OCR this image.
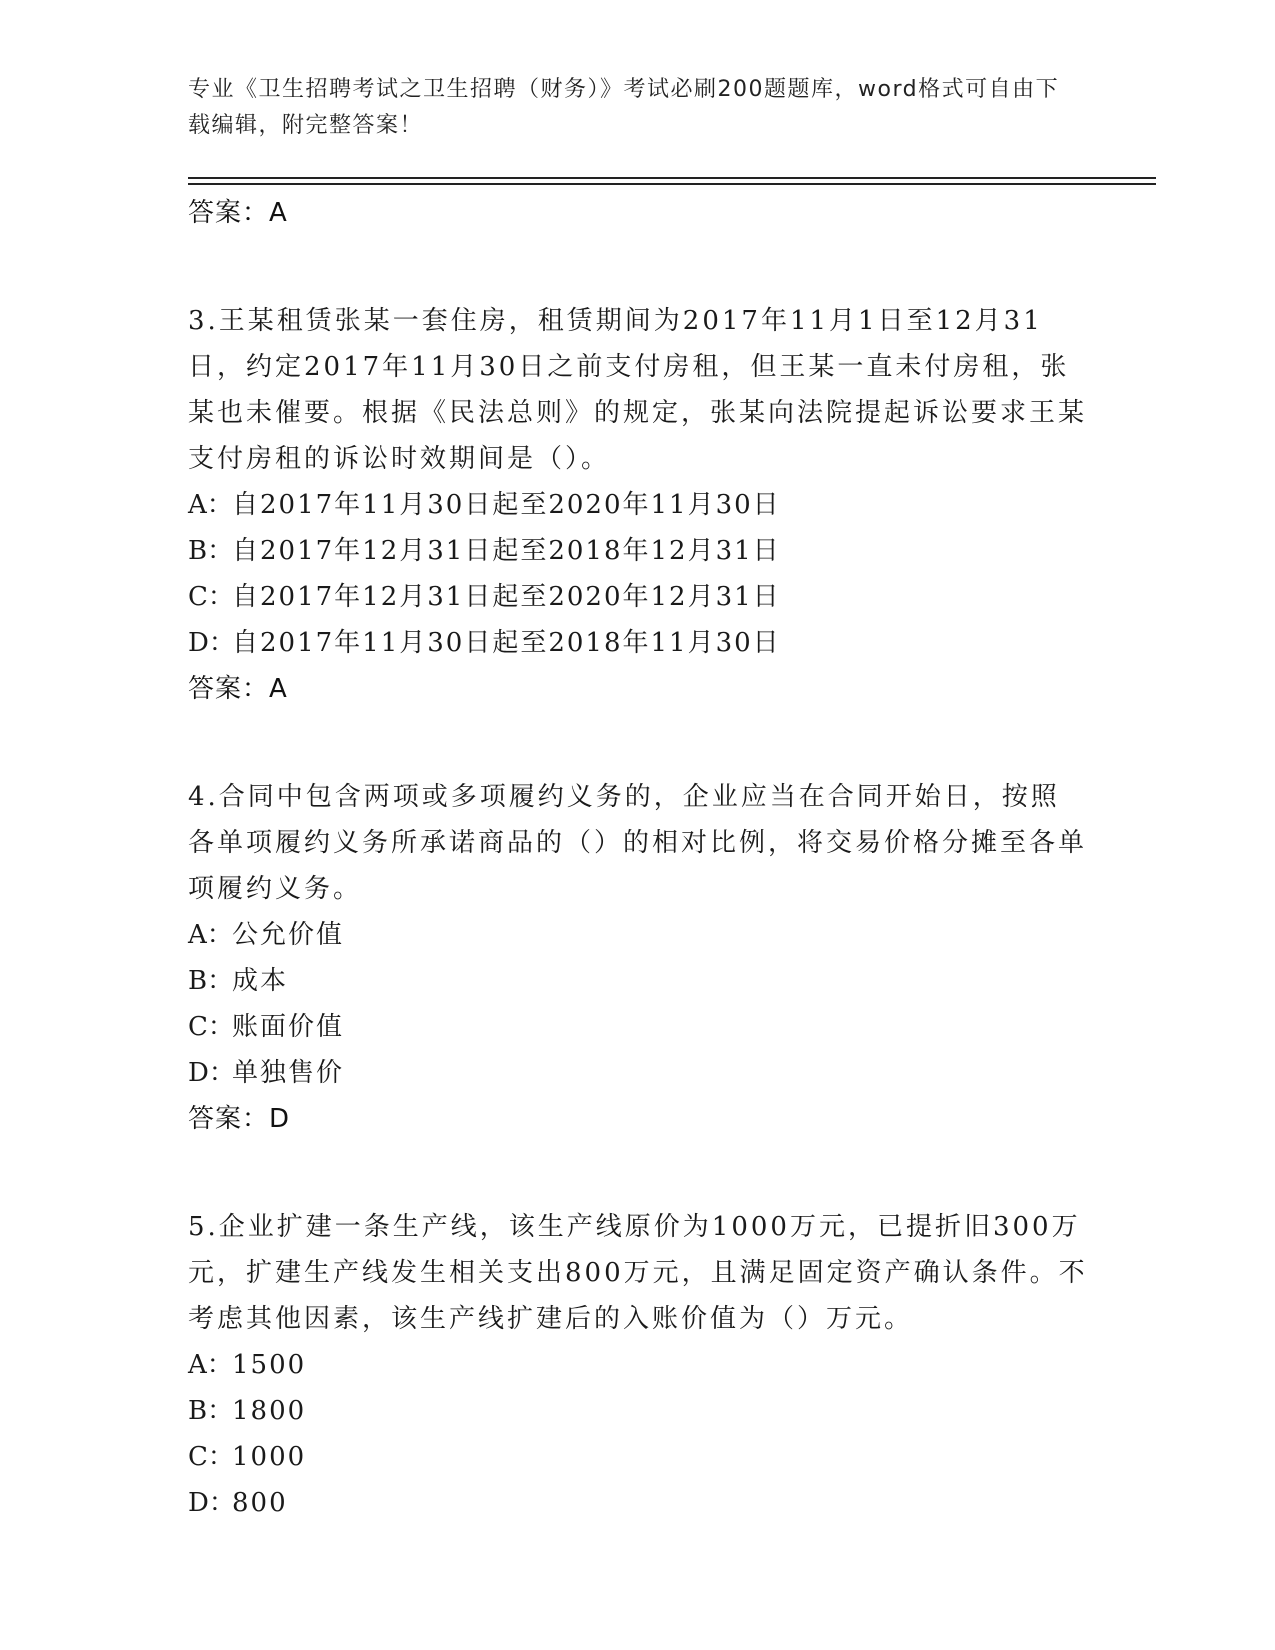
专业《卫生招聘考试之卫生招聘（财务）》考试必刷200题题库，word格式可自由下载编辑，附完整答案！

答案：A

3.王某租赁张某一套住房，租赁期间为2017年11月1日至12月31日，约定2017年11月30日之前支付房租，但王某一直未付房租，张某也未催要。根据《民法总则》的规定，张某向法院提起诉讼要求王某支付房租的诉讼时效期间是（）。

A：自2017年11月30日起至2020年11月30日

B：自2017年12月31日起至2018年12月31日

C：自2017年12月31日起至2020年12月31日

D：自2017年11月30日起至2018年11月30日

答案：A

4.合同中包含两项或多项履约义务的，企业应当在合同开始日，按照各单项履约义务所承诺商品的（）的相对比例，将交易价格分摊至各单项履约义务。

A：公允价值

B：成本

C：账面价值

D：单独售价

答案：D

5.企业扩建一条生产线，该生产线原价为1000万元，已提折旧300万元，扩建生产线发生相关支出800万元，且满足固定资产确认条件。不考虑其他因素，该生产线扩建后的入账价值为（）万元。

A：1500

B：1800

C：1000

D：800
